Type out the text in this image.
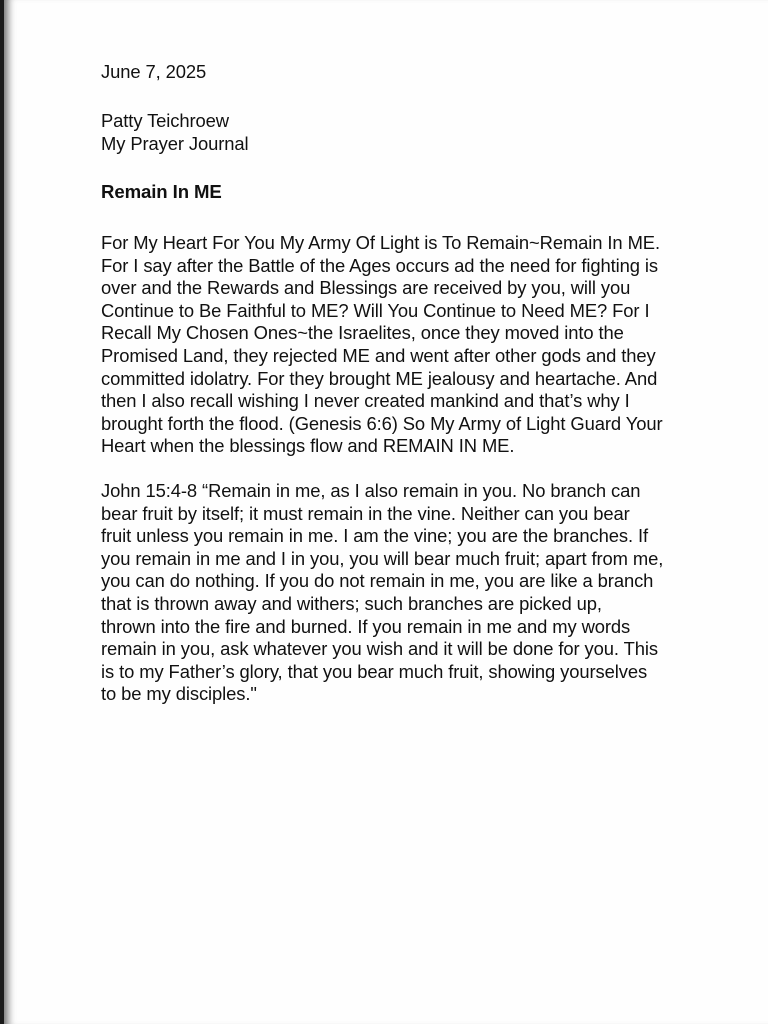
June 7, 2025
Patty Teichroew
My Prayer Journal
Remain In ME
For My Heart For You My Army Of Light is To Remain~Remain In ME.
For I say after the Battle of the Ages occurs ad the need for fighting is
over and the Rewards and Blessings are received by you, will you
Continue to Be Faithful to ME? Will You Continue to Need ME? For I
Recall My Chosen Ones~the Israelites, once they moved into the
Promised Land, they rejected ME and went after other gods and they
committed idolatry. For they brought ME jealousy and heartache. And
then I also recall wishing I never created mankind and that’s why I
brought forth the flood. (Genesis 6:6) So My Army of Light Guard Your
Heart when the blessings flow and REMAIN IN ME.
John 15:4-8 “Remain in me, as I also remain in you. No branch can
bear fruit by itself; it must remain in the vine. Neither can you bear
fruit unless you remain in me. I am the vine; you are the branches. If
you remain in me and I in you, you will bear much fruit; apart from me,
you can do nothing. If you do not remain in me, you are like a branch
that is thrown away and withers; such branches are picked up,
thrown into the fire and burned. If you remain in me and my words
remain in you, ask whatever you wish and it will be done for you. This
is to my Father’s glory, that you bear much fruit, showing yourselves
to be my disciples."
